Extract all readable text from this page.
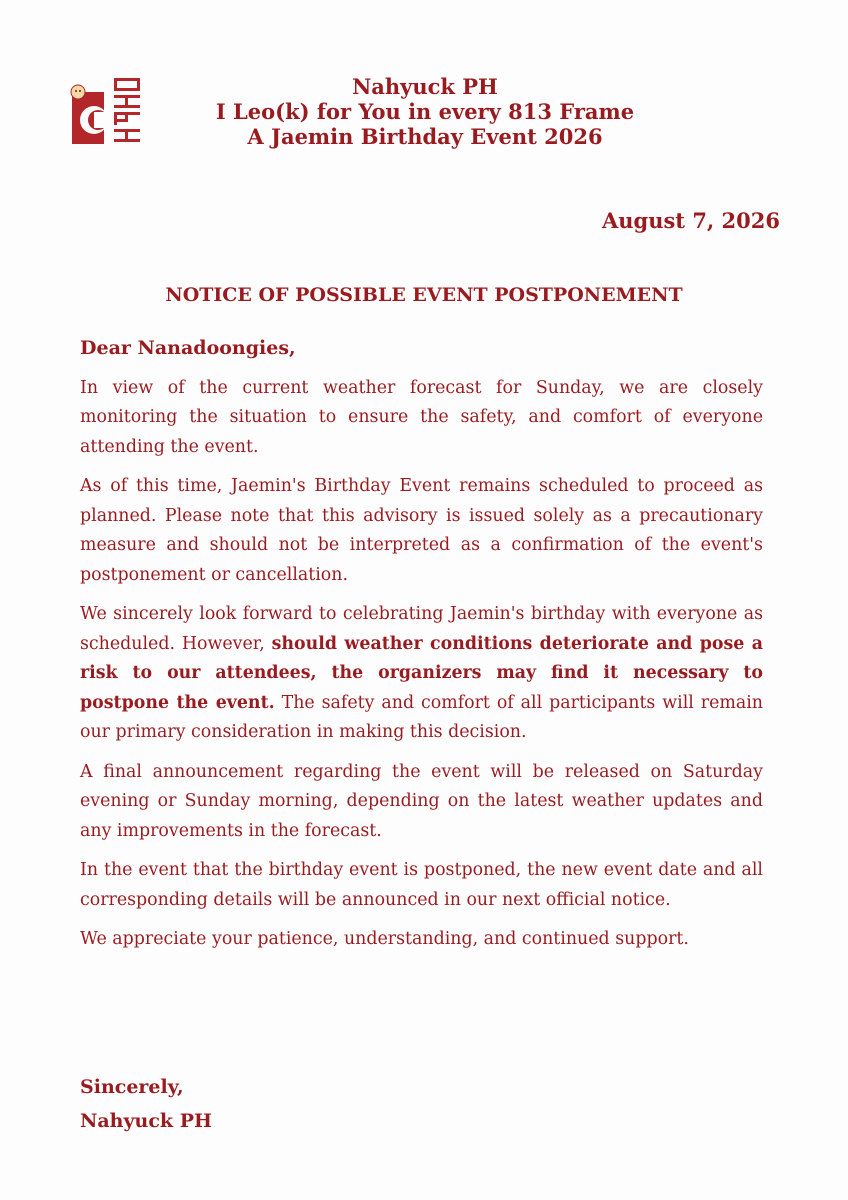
Nahyuck PH
I Leo(k) for You in every 813 Frame
A Jaemin Birthday Event 2026
August 7, 2026
NOTICE OF POSSIBLE EVENT POSTPONEMENT
Dear Nanadoongies,

In view of the current weather forecast for Sunday, we are closely monitoring the situation to ensure the safety, and comfort of everyone attending the event.

As of this time, Jaemin's Birthday Event remains scheduled to proceed as planned. Please note that this advisory is issued solely as a precautionary measure and should not be interpreted as a confirmation of the event's postponement or cancellation.

We sincerely look forward to celebrating Jaemin's birthday with everyone as scheduled. However, should weather conditions deteriorate and pose a risk to our attendees, the organizers may find it necessary to postpone the event. The safety and comfort of all participants will remain our primary consideration in making this decision.

A final announcement regarding the event will be released on Saturday evening or Sunday morning, depending on the latest weather updates and any improvements in the forecast.

In the event that the birthday event is postponed, the new event date and all corresponding details will be announced in our next official notice.

We appreciate your patience, understanding, and continued support.

Sincerely,
Nahyuck PH
